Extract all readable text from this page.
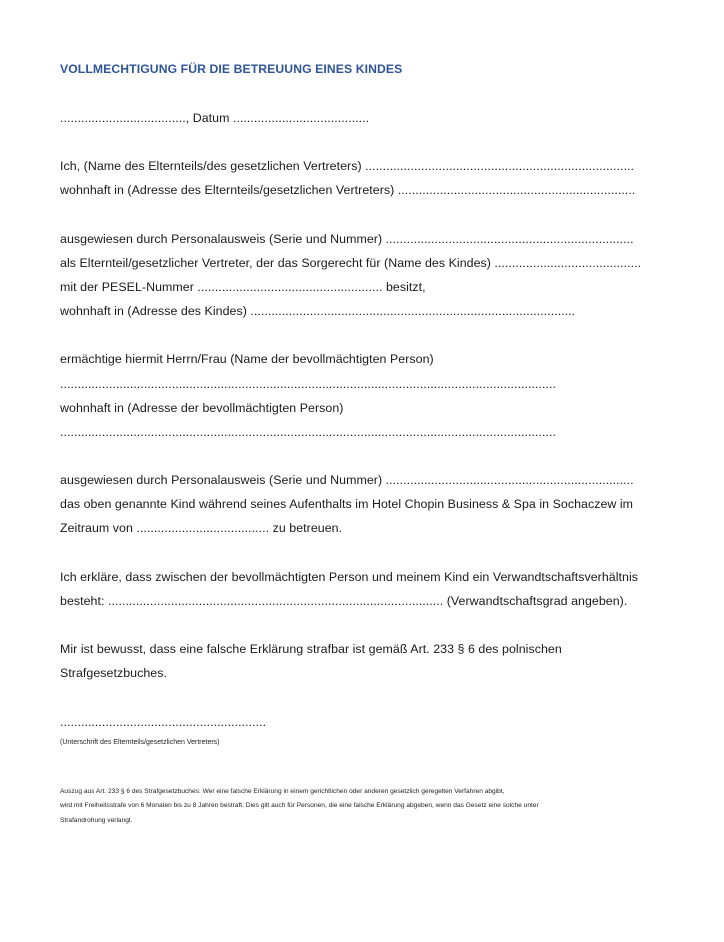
VOLLMECHTIGUNG FÜR DIE BETREUUNG EINES KINDES
...................................., Datum .......................................
Ich, (Name des Elternteils/des gesetzlichen Vertreters) .............................................................................
wohnhaft in (Adresse des Elternteils/gesetzlichen Vertreters) ....................................................................
ausgewiesen durch Personalausweis (Serie und Nummer) .......................................................................
als Elternteil/gesetzlicher Vertreter, der das Sorgerecht für (Name des Kindes) ..........................................
mit der PESEL-Nummer ..................................................... besitzt,
wohnhaft in (Adresse des Kindes) .............................................................................................
ermächtige hiermit Herrn/Frau (Name der bevollmächtigten Person)
..............................................................................................................................................
wohnhaft in (Adresse der bevollmächtigten Person)
..............................................................................................................................................
ausgewiesen durch Personalausweis (Serie und Nummer) .......................................................................
das oben genannte Kind während seines Aufenthalts im Hotel Chopin Business & Spa in Sochaczew im
Zeitraum von ...................................... zu betreuen.
Ich erkläre, dass zwischen der bevollmächtigten Person und meinem Kind ein Verwandtschaftsverhältnis
besteht: ................................................................................................ (Verwandtschaftsgrad angeben).
Mir ist bewusst, dass eine falsche Erklärung strafbar ist gemäß Art. 233 § 6 des polnischen
Strafgesetzbuches.
...........................................................
(Unterschrift des Elternteils/gesetzlichen Vertreters)
Auszug aus Art. 233 § 6 des Strafgesetzbuches: Wer eine falsche Erklärung in einem gerichtlichen oder anderen gesetzlich geregelten Verfahren abgibt,
wird mit Freiheitsstrafe von 6 Monaten bis zu 8 Jahren bestraft. Dies gilt auch für Personen, die eine falsche Erklärung abgeben, wenn das Gesetz eine solche unter
Strafandrohung verlangt.
